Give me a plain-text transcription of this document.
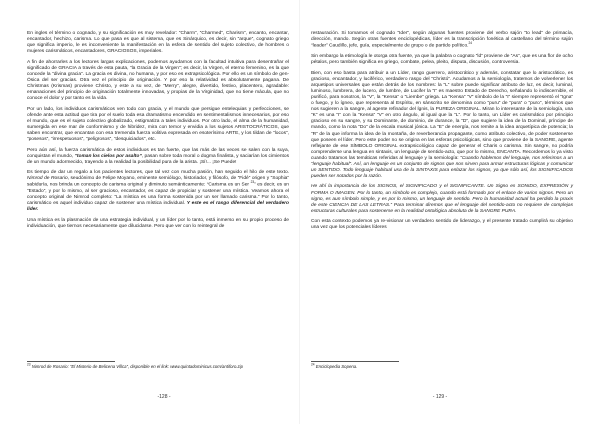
En ingles el término o cognado, y su significación es muy revelador: “Charm”, “Charmed”, Charism”, encanto, encantar, encantador, hechizo, carisma. Lo que pasa es que al sistema, que es Sinárquico, es decir, sin “arque”, cognato griego que significa imperio, le es inconveniente la manifestación en la esfera de sentido del sujeto colectivo, de hombres o mujeres carismáticos, encantadores, GRACIOSOS, imperiales.

A fin de ahorrarles a los lectores largas explicaciones, podemos ayudarnos con la facultad intuitiva para desentrañar el significado de GRACIA a través de esta pauta, “la Gracia de la Virgen”; es decir, la Virgen, el eterno femenino, es la que concede la “divina gracia”. La gracia es divina, no humana, y por eso es extrapsicológica. Por ello es un símbolo de gen-Ósica del ser gracias. Otra vez el principio de originación. Y por eso la relatividad es absolutamente pagana. De Christmas (Krismas) proviene Christo, y este a su vez, de “Merry”, alegre, divertido, festivo, placentero, agradable: emanaciones del principio de originación totalmente innovadas, y propias de la Virginidad, que no tiene mácula, que no conoce el dolor y por tanto es la vida.

Por un lado, los individuos carismáticos ven todo con gracia, y el mundo que persigue entelequias y perfecciones, se ofende ante esta actitud que tira por el suelo toda esa dramatismo encendido en sentimentalismos innecesarios, por eso el mundo, que es el sujeto colectivo globalizado, estigmatiza a tales individuos. Por otro lado, el alma de la humanidad, sumergida en ese mar de conformismo y de hibridez, mira con temor y envidia a los sujetos ARISTOCRÁTICOS, que saben encontrar, que encantan con esa tremenda fuerza volitiva expresada en esoterísimo ARTE, y los tildan de “locos”, “posesos”, “irrespetuosos”, “peligrosos”, “desquiciados”, etc.

Pero aún así, la fuerza carismática de estos individuos es tan fuerte, que las más de las veces se salen con la suya, conquistan el mundo, “toman los cielos por asalto”, pasan sobre toda moral o dogma finalista, y saciarían los cimientos de un mundo adormecido, trayendo a la realidad la posibilidad pura de la arista. ¡Sí!... ¡Se Puede!

Es tiempo de dar un regalo a los pacientes lectores, que tal vez con mucha pasión, han seguido el hilo de este texto. Nimrod de Rosario, seudónimo de Felipe Moyano, eminente semiólogo, historiador, y filósofo, de “Fidé” origen y “Sophia” sabiduría, nos brinda un concepto de carisma original y diminuto semánticamente: “Carisma es un Ser $^{23}$” es decir, es un “Estado”, y por lo mismo, al ser gracioso, encantador, es capaz de propiciar y sostener una mística. Veamos ahora el concepto original de Nimrod completo: “La mística es una forma sostenida por un ser llamado carisma.” Por lo tanto, carismático es aquel individuo capaz de sostener una mística individual. Y este es el rasgo diferencial del verdadero líder.

Una mística es la plasmación de una estrategia individual, y un líder por lo tanto, está inmerso en su propio proceso de individuación, que tiernos necesariamente que dilucidarse. Pero que ver con lo reintegral de

$^{23}$ Nimrod de Rosario: “El Misterio de Belicena Villca”, disponible en el link: www.quintadominicus.com/antiforo.zip
-128 -

restauración. Si tomamos el cognado “Ider”, según algunas fuentes proviene del verbo sajón “to lead” de primacía, dirección, mando. Según otras fuentes enciclopédicas, líder es la transcripción fonética al castellano del término sajón “leader” Caudillo, jefe, guía, especialmente de grupo o de partido político.$^{24}$

Sin embargo la etimología le otorga otra fuente, ya que la palabra o cognato “ld” proviene de “As”, que es una flor de ocho pétalos, pero también significa en griego, combate, pelea, pleito, disputa, discusión, controversia.

Bien, con eso basta para atribuir a un Líder, rango guerrero, aristocrático y además, constatar que lo aristocrático, es gracioso, encantador, y luciférico, verdadero rasgo del “Christó”. Acudamos a la semiología, tratemos de volverlener los arquetipos universales que están detrás de los nombres: la “L” sobre puede significar atributo de luz, es decir, luminal, luminoso, lumbrera, de lucero, de lumbre, de Lucifer la “I” es maestro Estado de Derecho, señalando lo indiscernible, el purificó, para nosotros, la “V”, la “Kensa” o “Liembe” griega. La “Kensa” “V” símbolo de la “I” siempre representó el “Igna” o fuego, y lo ígneo, que representa al Espíritu, en sánscrito se denomina como “puru” de “pura” o “puro”, términos que nos sugieren a la sangre, al agente refinador del Ígnis, la PUREZA ORIGINAL. Miran lo interesante de la semiología, una “K” es una “I” con la “Kensa” “V” en otro ángulo, al igual que la “L”. Por lo tanto, un Líder es carismático por principio gracioso en su sangre, y su Dominante, de dominio, de durance, la “D”, que sugiere la idea de la Dominal, príncipe de mando, como la nota “Do” de la escala musical jónica. La “E” de energía, nos remite a la idea arquetípica de potencia; la “R” de la que informa la idea de la montaña, de reverberancia propagante, como atributo colectivo, de poder sostenerse que poseen el líder. Pero este poder no se origina en las esferas psicológicas, sino que proviene de la SANGRE, agente reflejante de ese SÍMBOLO ORIGINAL extrapsicológico capaz de generar el Charis o carisma. Sin sangre, no podría comprenderse una lengua en sintaxis, un lenguaje de sentido-acto, que por lo mismo, ENCANTA. Recordemos lo ya visto cuando tratamos las temáticas referidas al lenguaje y la semiología: “Cuando hablemos del lenguaje, nos referimos a un “lenguaje habitual”. Así, un lenguaje es un conjunto de signos que nos sirven para armar estructuras lógicas y comunicar un SENTIDO. Todo lenguaje habitual usa de la SINTAXIS para enlazar los signos, ya que sólo así, los SIGNIFICADOS pueden ser notados por la razón.

He ahí la importancia de los SIGNOS, el SIGNIFICADO y el SIGNIFICANTE. Un Signo es SONIDO, EXPRESIÓN y FORMA O IMAGEN. Por lo tanto, un símbolo es complejo, cuando está formado por el enlace de varios signos. Pero un signo, es aun símbolo simple, y es por lo mismo, un lenguaje de sentido. Pero la humanidad actual ha perdido la praxis de este CIENCIA DE LAS LETRAS.” Para terminar diremos que el lenguaje del sentido-acto no requiere de complejas estructuras culturales para sostenerse en la realidad ontológica absoluta de la SANGRE PURA.

Con esta contexto podemos ya re-visionar un verdadero sentido de liderazgo, y el presente tratado cumplirá su objetivo una vez que los potenciales líderes

$^{24}$ Enciclopedia Sopena.
- 129 -
